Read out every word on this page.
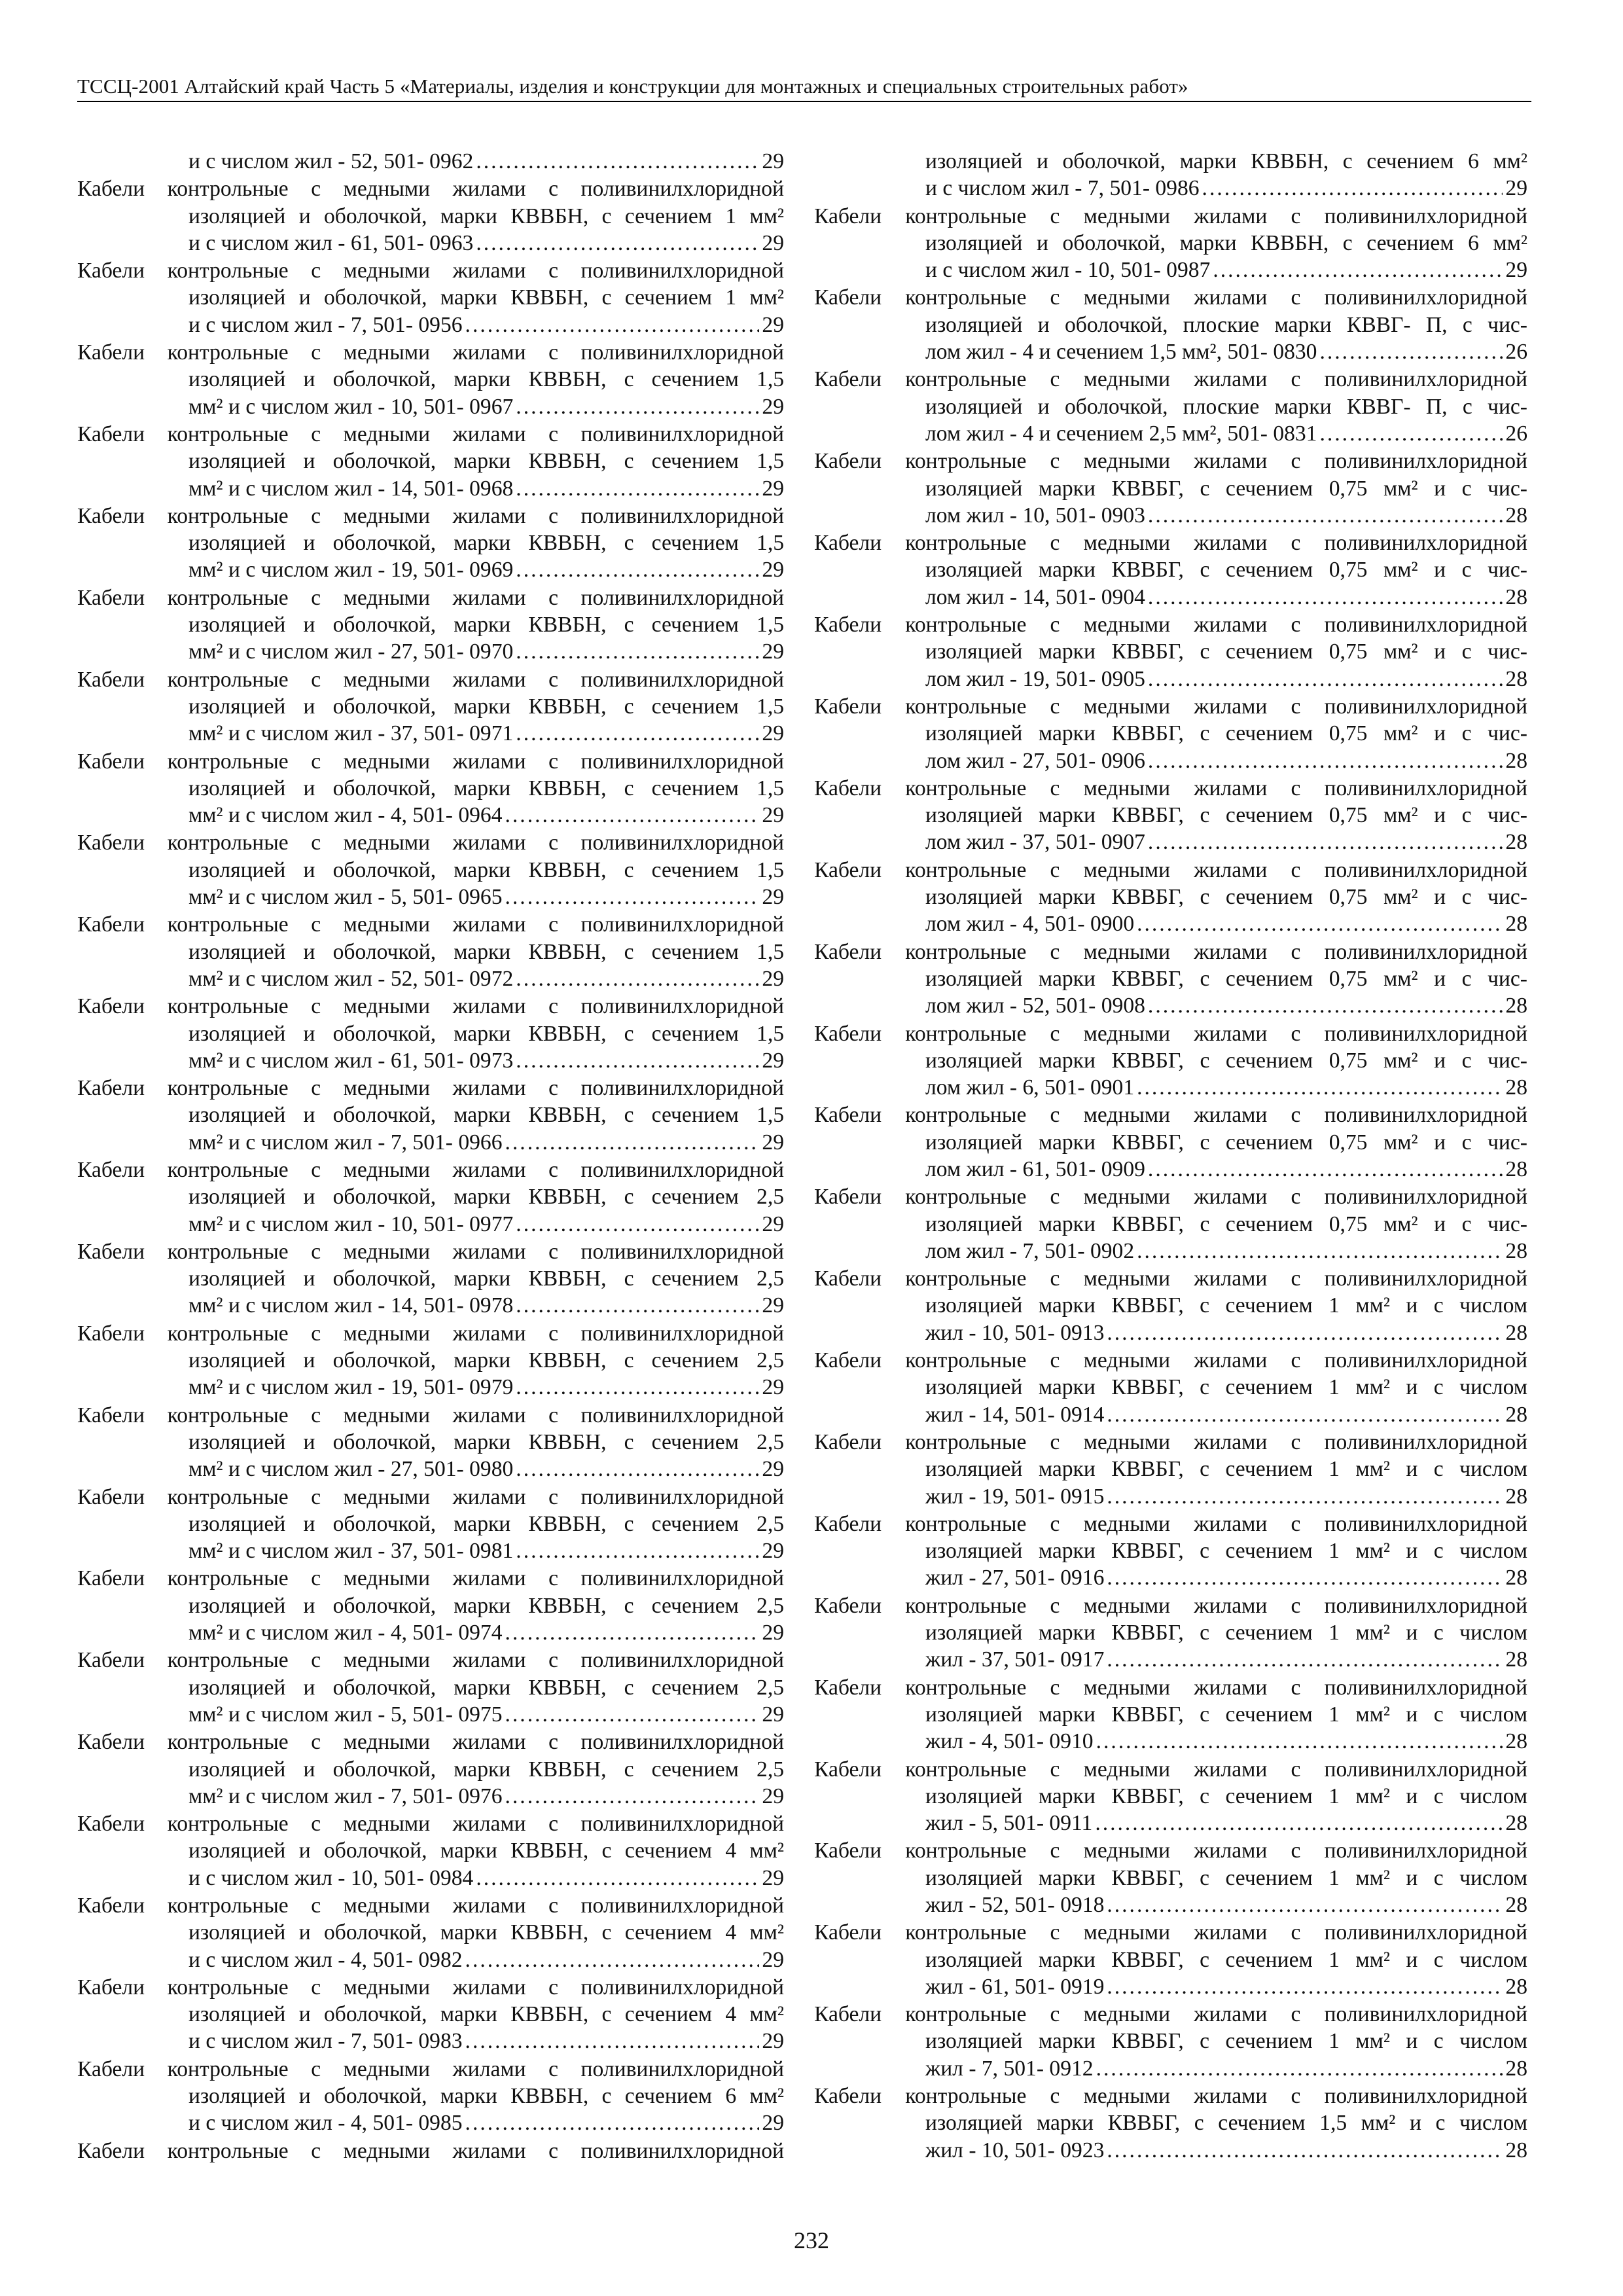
ТССЦ-2001 Алтайский край Часть 5 «Материалы, изделия и конструкции для монтажных и специальных строительных работ»
и с числом жил - 52, 501- 0962 .....	29
Кабели контрольные с медными жилами с поливинилхлоридной
изоляцией и оболочкой, марки КВВБН, с сечением 1 мм²
и с числом жил - 61, 501- 0963 .....	29
Кабели контрольные с медными жилами с поливинилхлоридной
изоляцией и оболочкой, марки КВВБН, с сечением 1 мм²
и с числом жил - 7, 501- 0956 .....	29
Кабели контрольные с медными жилами с поливинилхлоридной
изоляцией и оболочкой, марки КВВБН, с сечением 1,5
мм² и с числом жил - 10, 501- 0967 .....	29
Кабели контрольные с медными жилами с поливинилхлоридной
изоляцией и оболочкой, марки КВВБН, с сечением 1,5
мм² и с числом жил - 14, 501- 0968 .....	29
Кабели контрольные с медными жилами с поливинилхлоридной
изоляцией и оболочкой, марки КВВБН, с сечением 1,5
мм² и с числом жил - 19, 501- 0969 .....	29
Кабели контрольные с медными жилами с поливинилхлоридной
изоляцией и оболочкой, марки КВВБН, с сечением 1,5
мм² и с числом жил - 27, 501- 0970 .....	29
Кабели контрольные с медными жилами с поливинилхлоридной
изоляцией и оболочкой, марки КВВБН, с сечением 1,5
мм² и с числом жил - 37, 501- 0971 .....	29
Кабели контрольные с медными жилами с поливинилхлоридной
изоляцией и оболочкой, марки КВВБН, с сечением 1,5
мм² и с числом жил - 4, 501- 0964 .....	29
Кабели контрольные с медными жилами с поливинилхлоридной
изоляцией и оболочкой, марки КВВБН, с сечением 1,5
мм² и с числом жил - 5, 501- 0965 .....	29
Кабели контрольные с медными жилами с поливинилхлоридной
изоляцией и оболочкой, марки КВВБН, с сечением 1,5
мм² и с числом жил - 52, 501- 0972 .....	29
Кабели контрольные с медными жилами с поливинилхлоридной
изоляцией и оболочкой, марки КВВБН, с сечением 1,5
мм² и с числом жил - 61, 501- 0973 .....	29
Кабели контрольные с медными жилами с поливинилхлоридной
изоляцией и оболочкой, марки КВВБН, с сечением 1,5
мм² и с числом жил - 7, 501- 0966 .....	29
Кабели контрольные с медными жилами с поливинилхлоридной
изоляцией и оболочкой, марки КВВБН, с сечением 2,5
мм² и с числом жил - 10, 501- 0977 .....	29
Кабели контрольные с медными жилами с поливинилхлоридной
изоляцией и оболочкой, марки КВВБН, с сечением 2,5
мм² и с числом жил - 14, 501- 0978 .....	29
Кабели контрольные с медными жилами с поливинилхлоридной
изоляцией и оболочкой, марки КВВБН, с сечением 2,5
мм² и с числом жил - 19, 501- 0979 .....	29
Кабели контрольные с медными жилами с поливинилхлоридной
изоляцией и оболочкой, марки КВВБН, с сечением 2,5
мм² и с числом жил - 27, 501- 0980 .....	29
Кабели контрольные с медными жилами с поливинилхлоридной
изоляцией и оболочкой, марки КВВБН, с сечением 2,5
мм² и с числом жил - 37, 501- 0981 .....	29
Кабели контрольные с медными жилами с поливинилхлоридной
изоляцией и оболочкой, марки КВВБН, с сечением 2,5
мм² и с числом жил - 4, 501- 0974 .....	29
Кабели контрольные с медными жилами с поливинилхлоридной
изоляцией и оболочкой, марки КВВБН, с сечением 2,5
мм² и с числом жил - 5, 501- 0975 .....	29
Кабели контрольные с медными жилами с поливинилхлоридной
изоляцией и оболочкой, марки КВВБН, с сечением 2,5
мм² и с числом жил - 7, 501- 0976 .....	29
Кабели контрольные с медными жилами с поливинилхлоридной
изоляцией и оболочкой, марки КВВБН, с сечением 4 мм²
и с числом жил - 10, 501- 0984 .....	29
Кабели контрольные с медными жилами с поливинилхлоридной
изоляцией и оболочкой, марки КВВБН, с сечением 4 мм²
и с числом жил - 4, 501- 0982 .....	29
Кабели контрольные с медными жилами с поливинилхлоридной
изоляцией и оболочкой, марки КВВБН, с сечением 4 мм²
и с числом жил - 7, 501- 0983 .....	29
Кабели контрольные с медными жилами с поливинилхлоридной
изоляцией и оболочкой, марки КВВБН, с сечением 6 мм²
и с числом жил - 4, 501- 0985 .....	29
Кабели контрольные с медными жилами с поливинилхлоридной
изоляцией и оболочкой, марки КВВБН, с сечением 6 мм²
и с числом жил - 7, 501- 0986 .....	29
Кабели контрольные с медными жилами с поливинилхлоридной
изоляцией и оболочкой, марки КВВБН, с сечением 6 мм²
и с числом жил - 10, 501- 0987 .....	29
Кабели контрольные с медными жилами с поливинилхлоридной
изоляцией и оболочкой, плоские марки КВВГ- П, с чис-
лом жил - 4 и сечением 1,5 мм², 501- 0830 .....	26
Кабели контрольные с медными жилами с поливинилхлоридной
изоляцией и оболочкой, плоские марки КВВГ- П, с чис-
лом жил - 4 и сечением 2,5 мм², 501- 0831 .....	26
Кабели контрольные с медными жилами с поливинилхлоридной
изоляцией марки КВВБГ, с сечением 0,75 мм² и с чис-
лом жил - 10, 501- 0903 .....	28
Кабели контрольные с медными жилами с поливинилхлоридной
изоляцией марки КВВБГ, с сечением 0,75 мм² и с чис-
лом жил - 14, 501- 0904 .....	28
Кабели контрольные с медными жилами с поливинилхлоридной
изоляцией марки КВВБГ, с сечением 0,75 мм² и с чис-
лом жил - 19, 501- 0905 .....	28
Кабели контрольные с медными жилами с поливинилхлоридной
изоляцией марки КВВБГ, с сечением 0,75 мм² и с чис-
лом жил - 27, 501- 0906 .....	28
Кабели контрольные с медными жилами с поливинилхлоридной
изоляцией марки КВВБГ, с сечением 0,75 мм² и с чис-
лом жил - 37, 501- 0907 .....	28
Кабели контрольные с медными жилами с поливинилхлоридной
изоляцией марки КВВБГ, с сечением 0,75 мм² и с чис-
лом жил - 4, 501- 0900 .....	28
Кабели контрольные с медными жилами с поливинилхлоридной
изоляцией марки КВВБГ, с сечением 0,75 мм² и с чис-
лом жил - 52, 501- 0908 .....	28
Кабели контрольные с медными жилами с поливинилхлоридной
изоляцией марки КВВБГ, с сечением 0,75 мм² и с чис-
лом жил - 6, 501- 0901 .....	28
Кабели контрольные с медными жилами с поливинилхлоридной
изоляцией марки КВВБГ, с сечением 0,75 мм² и с чис-
лом жил - 61, 501- 0909 .....	28
Кабели контрольные с медными жилами с поливинилхлоридной
изоляцией марки КВВБГ, с сечением 0,75 мм² и с чис-
лом жил - 7, 501- 0902 .....	28
Кабели контрольные с медными жилами с поливинилхлоридной
изоляцией марки КВВБГ, с сечением 1 мм² и с числом
жил - 10, 501- 0913 .....	28
Кабели контрольные с медными жилами с поливинилхлоридной
изоляцией марки КВВБГ, с сечением 1 мм² и с числом
жил - 14, 501- 0914 .....	28
Кабели контрольные с медными жилами с поливинилхлоридной
изоляцией марки КВВБГ, с сечением 1 мм² и с числом
жил - 19, 501- 0915 .....	28
Кабели контрольные с медными жилами с поливинилхлоридной
изоляцией марки КВВБГ, с сечением 1 мм² и с числом
жил - 27, 501- 0916 .....	28
Кабели контрольные с медными жилами с поливинилхлоридной
изоляцией марки КВВБГ, с сечением 1 мм² и с числом
жил - 37, 501- 0917 .....	28
Кабели контрольные с медными жилами с поливинилхлоридной
изоляцией марки КВВБГ, с сечением 1 мм² и с числом
жил - 4, 501- 0910 .....	28
Кабели контрольные с медными жилами с поливинилхлоридной
изоляцией марки КВВБГ, с сечением 1 мм² и с числом
жил - 5, 501- 0911 .....	28
Кабели контрольные с медными жилами с поливинилхлоридной
изоляцией марки КВВБГ, с сечением 1 мм² и с числом
жил - 52, 501- 0918 .....	28
Кабели контрольные с медными жилами с поливинилхлоридной
изоляцией марки КВВБГ, с сечением 1 мм² и с числом
жил - 61, 501- 0919 .....	28
Кабели контрольные с медными жилами с поливинилхлоридной
изоляцией марки КВВБГ, с сечением 1 мм² и с числом
жил - 7, 501- 0912 .....	28
Кабели контрольные с медными жилами с поливинилхлоридной
изоляцией марки КВВБГ, с сечением 1,5 мм² и с числом
жил - 10, 501- 0923 .....	28
232
